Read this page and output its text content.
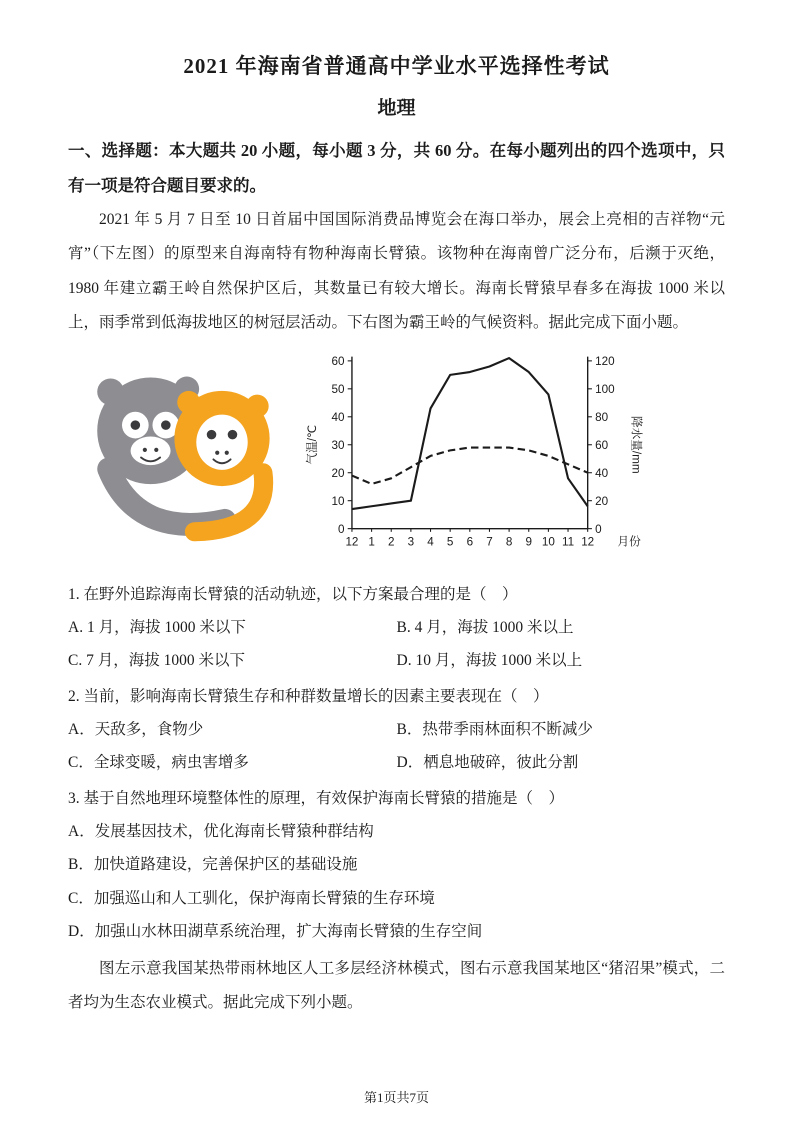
2021 年海南省普通高中学业水平选择性考试
地理

一、选择题：本大题共 20 小题，每小题 3 分，共 60 分。在每小题列出的四个选项中，只有一项是符合题目要求的。

2021 年 5 月 7 日至 10 日首届中国国际消费品博览会在海口举办，展会上亮相的吉祥物“元宵”（下左图）的原型来自海南特有物种海南长臂猿。该物种在海南曾广泛分布，后濒于灭绝，1980 年建立霸王岭自然保护区后，其数量已有较大增长。海南长臂猿早春多在海拔 1000 米以上，雨季常到低海拔地区的树冠层活动。下右图为霸王岭的气候资料。据此完成下面小题。

0
10
20
30
40
50
60
0
20
40
60
80
100
120
12 1 2 3 4 5 6 7 8 9 10 11 12 月份
气温/℃	降水量/mm

1. 在野外追踪海南长臂猿的活动轨迹，以下方案最合理的是（　）

A. 1 月，海拔 1000 米以下	B. 4 月，海拔 1000 米以上
C. 7 月，海拔 1000 米以下	D. 10 月，海拔 1000 米以上

2. 当前，影响海南长臂猿生存和种群数量增长的因素主要表现在（　）

A．天敌多，食物少	B．热带季雨林面积不断减少
C．全球变暖，病虫害增多	D．栖息地破碎，彼此分割

3. 基于自然地理环境整体性的原理，有效保护海南长臂猿的措施是（　）

A．发展基因技术，优化海南长臂猿种群结构
B．加快道路建设，完善保护区的基础设施
C．加强巡山和人工驯化，保护海南长臂猿的生存环境
D．加强山水林田湖草系统治理，扩大海南长臂猿的生存空间

图左示意我国某热带雨林地区人工多层经济林模式，图右示意我国某地区“猪沼果”模式，二者均为生态农业模式。据此完成下列小题。

第1页共7页
